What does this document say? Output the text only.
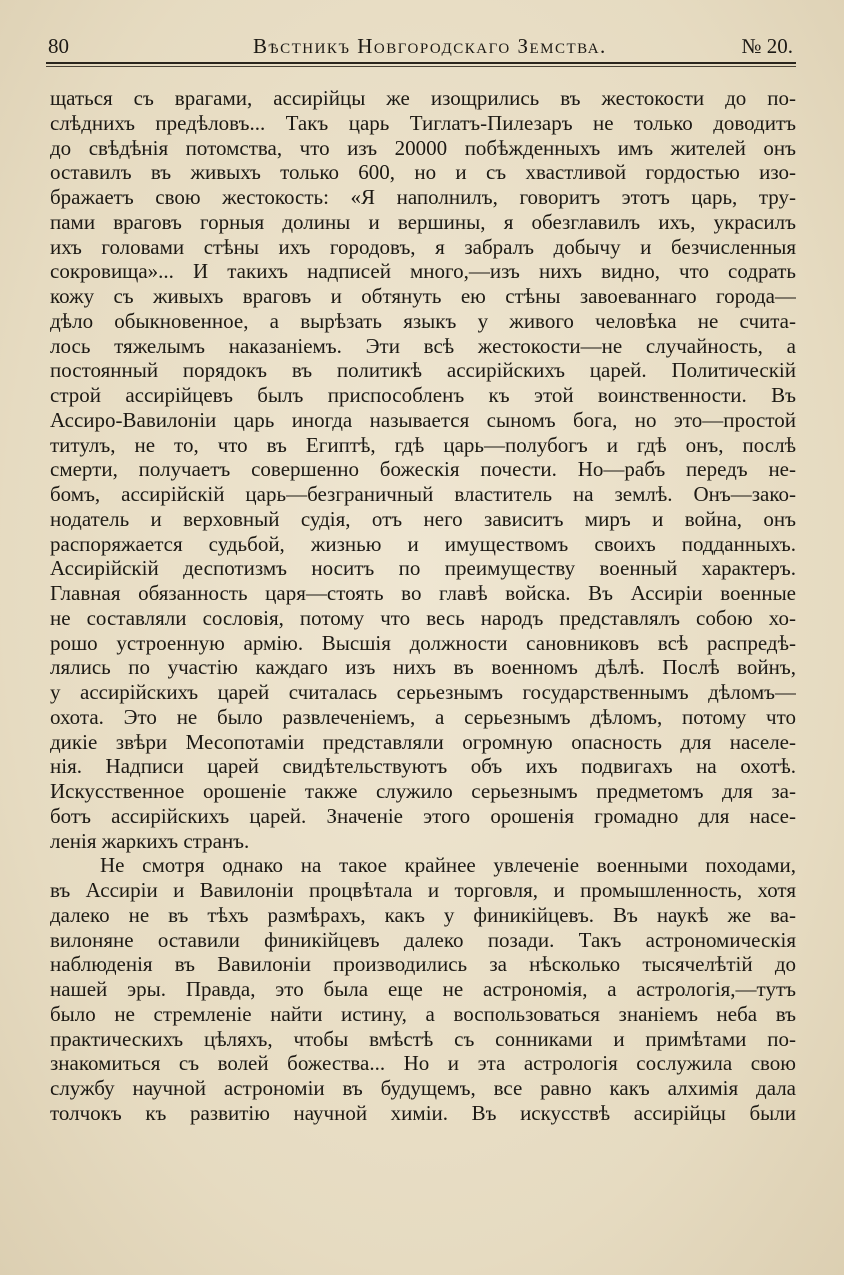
80	Вѣстникъ Новгородскаго Земства.	№ 20.
щаться съ врагами, ассирійцы же изощрились въ жестокости до по-
слѣднихъ предѣловъ... Такъ царь Тиглатъ-Пилезаръ не только доводитъ
до свѣдѣнія потомства, что изъ 20000 побѣжденныхъ имъ жителей онъ
оставилъ въ живыхъ только 600, но и съ хвастливой гордостью изо-
бражаетъ свою жестокость: «Я наполнилъ, говоритъ этотъ царь, тру-
пами враговъ горныя долины и вершины, я обезглавилъ ихъ, украсилъ
ихъ головами стѣны ихъ городовъ, я забралъ добычу и безчисленныя
сокровища»... И такихъ надписей много,—изъ нихъ видно, что содрать
кожу съ живыхъ враговъ и обтянуть ею стѣны завоеваннаго города—
дѣло обыкновенное, а вырѣзать языкъ у живого человѣка не счита-
лось тяжелымъ наказаніемъ. Эти всѣ жестокости—не случайность, а
постоянный порядокъ въ политикѣ ассирійскихъ царей. Политическій
строй ассирійцевъ былъ приспособленъ къ этой воинственности. Въ
Ассиро-Вавилоніи царь иногда называется сыномъ бога, но это—простой
титулъ, не то, что въ Египтѣ, гдѣ царь—полубогъ и гдѣ онъ, послѣ
смерти, получаетъ совершенно божескія почести. Но—рабъ передъ не-
бомъ, ассирійскій царь—безграничный властитель на землѣ. Онъ—зако-
нодатель и верховный судія, отъ него зависитъ миръ и война, онъ
распоряжается судьбой, жизнью и имуществомъ своихъ подданныхъ.
Ассирійскій деспотизмъ носитъ по преимуществу военный характеръ.
Главная обязанность царя—стоять во главѣ войска. Въ Ассиріи военные
не составляли сословія, потому что весь народъ представлялъ собою хо-
рошо устроенную армію. Высшія должности сановниковъ всѣ распредѣ-
лялись по участію каждаго изъ нихъ въ военномъ дѣлѣ. Послѣ войнъ,
у ассирійскихъ царей считалась серьезнымъ государственнымъ дѣломъ—
охота. Это не было развлеченіемъ, а серьезнымъ дѣломъ, потому что
дикіе звѣри Месопотаміи представляли огромную опасность для населе-
нія. Надписи царей свидѣтельствуютъ объ ихъ подвигахъ на охотѣ.
Искусственное орошеніе также служило серьезнымъ предметомъ для за-
ботъ ассирійскихъ царей. Значеніе этого орошенія громадно для насе-
ленія жаркихъ странъ.
Не смотря однако на такое крайнее увлеченіе военными походами,
въ Ассиріи и Вавилоніи процвѣтала и торговля, и промышленность, хотя
далеко не въ тѣхъ размѣрахъ, какъ у финикійцевъ. Въ наукѣ же ва-
вилоняне оставили финикійцевъ далеко позади. Такъ астрономическія
наблюденія въ Вавилоніи производились за нѣсколько тысячелѣтій до
нашей эры. Правда, это была еще не астрономія, а астрологія,—тутъ
было не стремленіе найти истину, а воспользоваться знаніемъ неба въ
практическихъ цѣляхъ, чтобы вмѣстѣ съ сонниками и примѣтами по-
знакомиться съ волей божества... Но и эта астрологія сослужила свою
службу научной астрономіи въ будущемъ, все равно какъ алхимія дала
толчокъ къ развитію научной химіи. Въ искусствѣ ассирійцы были
